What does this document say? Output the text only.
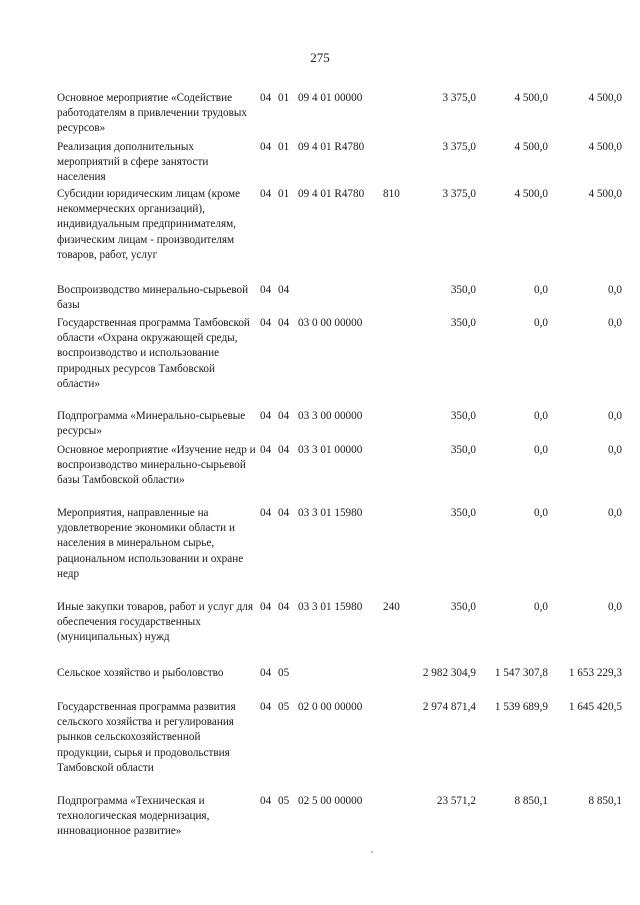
275
Основное мероприятие «Содействие работодателям в привлечении трудовых ресурсов»
04 01 09 4 01 00000	3 375,0	4 500,0	4 500,0
Реализация дополнительных мероприятий в сфере занятости населения
04 01 09 4 01 R4780	3 375,0	4 500,0	4 500,0
Субсидии юридическим лицам (кроме некоммерческих организаций), индивидуальным предпринимателям, физическим лицам - производителям товаров, работ, услуг
04 01 09 4 01 R4780 810	3 375,0	4 500,0	4 500,0
Воспроизводство минерально-сырьевой базы
04 04	350,0	0,0	0,0
Государственная программа Тамбовской области «Охрана окружающей среды, воспроизводство и использование природных ресурсов Тамбовской области»
04 04 03 0 00 00000	350,0	0,0	0,0
Подпрограмма «Минерально-сырьевые ресурсы»
04 04 03 3 00 00000	350,0	0,0	0,0
Основное мероприятие «Изучение недр и воспроизводство минерально-сырьевой базы Тамбовской области»
04 04 03 3 01 00000	350,0	0,0	0,0
Мероприятия, направленные на удовлетворение экономики области и населения в минеральном сырье, рациональном использовании и охране недр
04 04 03 3 01 15980	350,0	0,0	0,0
Иные закупки товаров, работ и услуг для обеспечения государственных (муниципальных) нужд
04 04 03 3 01 15980 240	350,0	0,0	0,0
Сельское хозяйство и рыболовство	04 05	2 982 304,9	1 547 307,8	1 653 229,3
Государственная программа развития сельского хозяйства и регулирования рынков сельскохозяйственной продукции, сырья и продовольствия Тамбовской области
04 05 02 0 00 00000	2 974 871,4	1 539 689,9	1 645 420,5
Подпрограмма «Техническая и технологическая модернизация, инновационное развитие»
04 05 02 5 00 00000	23 571,2	8 850,1	8 850,1
